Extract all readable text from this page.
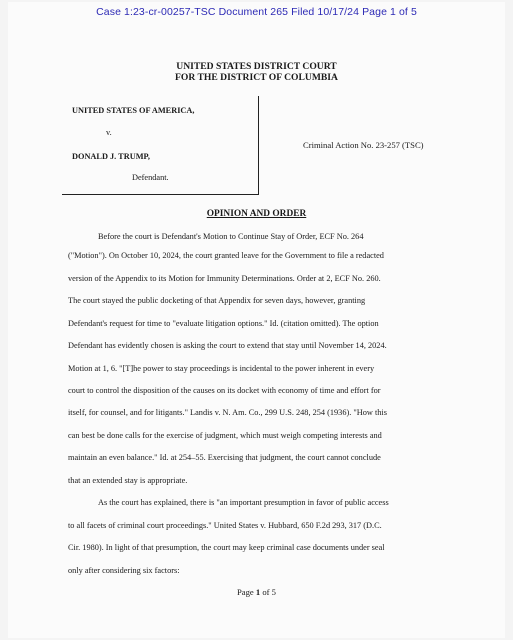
Case 1:23-cr-00257-TSC Document 265 Filed 10/17/24 Page 1 of 5
UNITED STATES DISTRICT COURT
FOR THE DISTRICT OF COLUMBIA
UNITED STATES OF AMERICA,
v.
DONALD J. TRUMP,
Defendant.
Criminal Action No. 23-257 (TSC)
OPINION AND ORDER
Before the court is Defendant's Motion to Continue Stay of Order, ECF No. 264
("Motion"). On October 10, 2024, the court granted leave for the Government to file a redacted
version of the Appendix to its Motion for Immunity Determinations. Order at 2, ECF No. 260.
The court stayed the public docketing of that Appendix for seven days, however, granting
Defendant's request for time to "evaluate litigation options." Id. (citation omitted). The option
Defendant has evidently chosen is asking the court to extend that stay until November 14, 2024.
Motion at 1, 6. "[T]he power to stay proceedings is incidental to the power inherent in every
court to control the disposition of the causes on its docket with economy of time and effort for
itself, for counsel, and for litigants." Landis v. N. Am. Co., 299 U.S. 248, 254 (1936). "How this
can best be done calls for the exercise of judgment, which must weigh competing interests and
maintain an even balance." Id. at 254–55. Exercising that judgment, the court cannot conclude
that an extended stay is appropriate.
As the court has explained, there is "an important presumption in favor of public access
to all facets of criminal court proceedings." United States v. Hubbard, 650 F.2d 293, 317 (D.C.
Cir. 1980). In light of that presumption, the court may keep criminal case documents under seal
only after considering six factors:
Page 1 of 5
